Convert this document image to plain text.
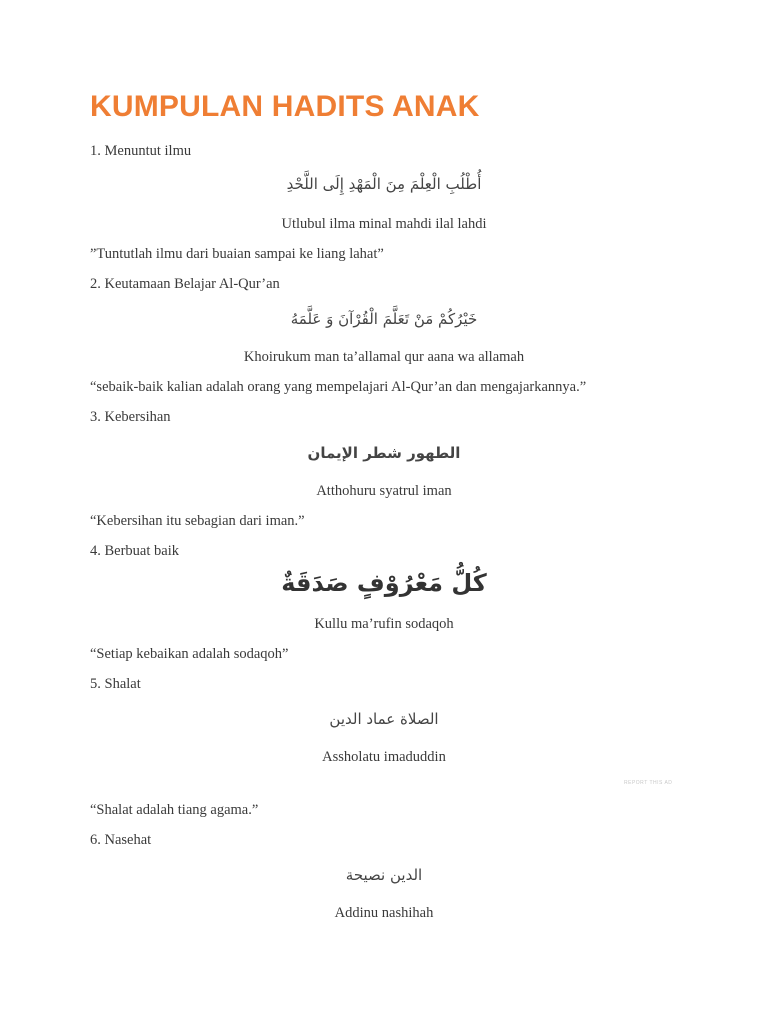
KUMPULAN HADITS ANAK
1. Menuntut ilmu
أُطْلُبِ الْعِلْمَ مِنَ الْمَهْدِ إِلَى اللَّحْدِ
Utlubul ilma minal mahdi ilal lahdi
”Tuntutlah ilmu dari buaian sampai ke liang lahat”
2. Keutamaan Belajar Al-Qur’an
خَيْرُكُمْ مَنْ تَعَلَّمَ الْقُرْآنَ وَ عَلَّمَهُ
Khoirukum man ta’allamal qur aana wa allamah
“sebaik-baik kalian adalah orang yang mempelajari Al-Qur’an dan mengajarkannya.”
3. Kebersihan
الطهور شطر الإيمان
Atthohuru syatrul iman
“Kebersihan itu sebagian dari iman.”
4. Berbuat baik
كُلُّ مَعْرُوْفٍ صَدَقَةٌ
Kullu ma’rufin sodaqoh
“Setiap kebaikan adalah sodaqoh”
5. Shalat
الصلاة عماد الدين
Assholatu imaduddin
REPORT THIS AD
“Shalat adalah tiang agama.”
6. Nasehat
الدين نصيحة
Addinu nashihah
